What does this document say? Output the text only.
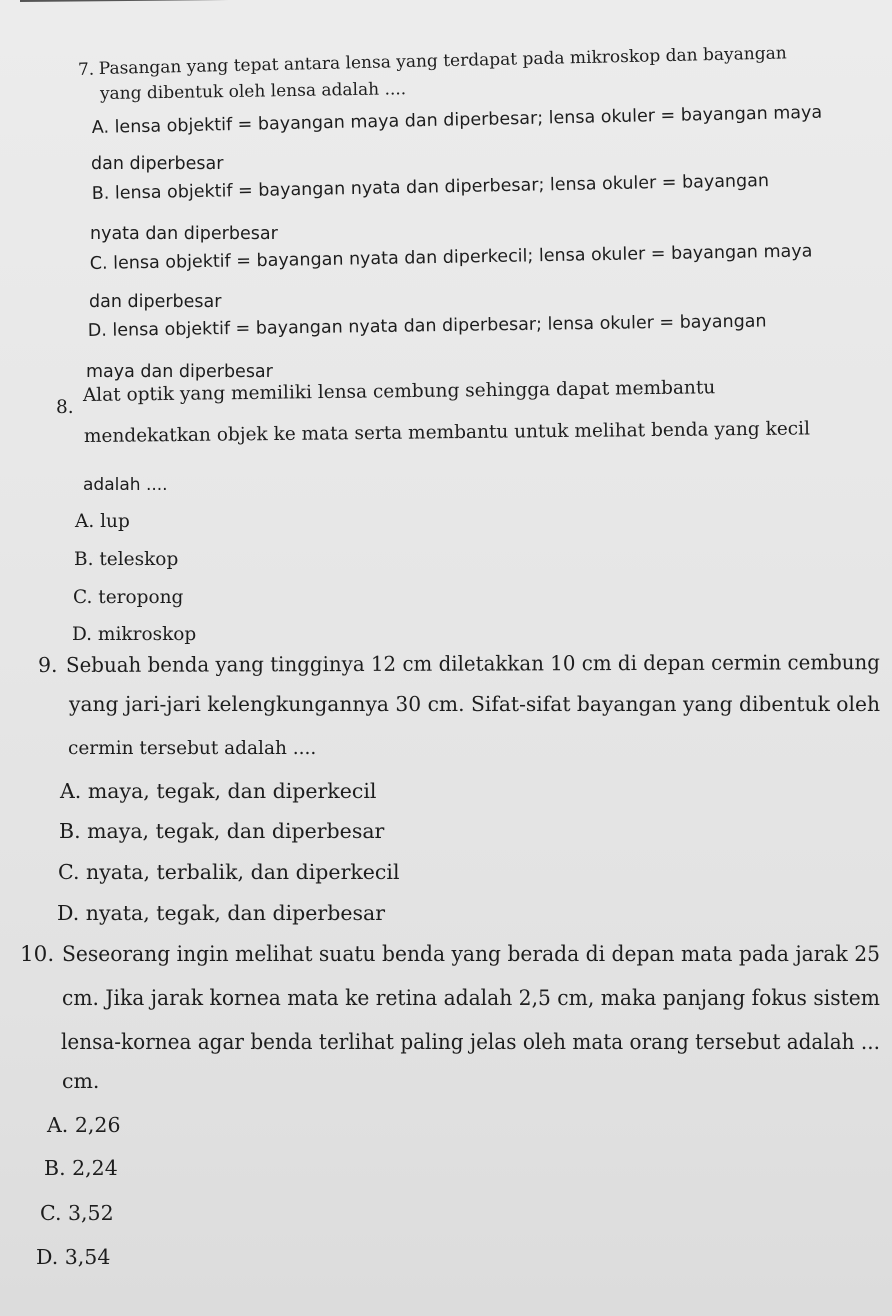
7. Pasangan yang tepat antara lensa yang terdapat pada mikroskop dan bayangan
yang dibentuk oleh lensa adalah ....
A. lensa objektif = bayangan maya dan diperbesar; lensa okuler = bayangan maya
dan diperbesar
B. lensa objektif = bayangan nyata dan diperbesar; lensa okuler = bayangan
nyata dan diperbesar
C. lensa objektif = bayangan nyata dan diperkecil; lensa okuler = bayangan maya
dan diperbesar
D. lensa objektif = bayangan nyata dan diperbesar; lensa okuler = bayangan
maya dan diperbesar
8.
Alat optik yang memiliki lensa cembung sehingga dapat membantu
mendekatkan objek ke mata serta membantu untuk melihat benda yang kecil
adalah ....
A. lup
B. teleskop
C. teropong
D. mikroskop
9. Sebuah benda yang tingginya 12 cm diletakkan 10 cm di depan cermin cembung
yang jari-jari kelengkungannya 30 cm. Sifat-sifat bayangan yang dibentuk oleh
cermin tersebut adalah ....
A. maya, tegak, dan diperkecil
B. maya, tegak, dan diperbesar
C. nyata, terbalik, dan diperkecil
D. nyata, tegak, dan diperbesar
10. Seseorang ingin melihat suatu benda yang berada di depan mata pada jarak 25
cm. Jika jarak kornea mata ke retina adalah 2,5 cm, maka panjang fokus sistem
lensa-kornea agar benda terlihat paling jelas oleh mata orang tersebut adalah ...
cm.
A. 2,26
B. 2,24
C. 3,52
D. 3,54
